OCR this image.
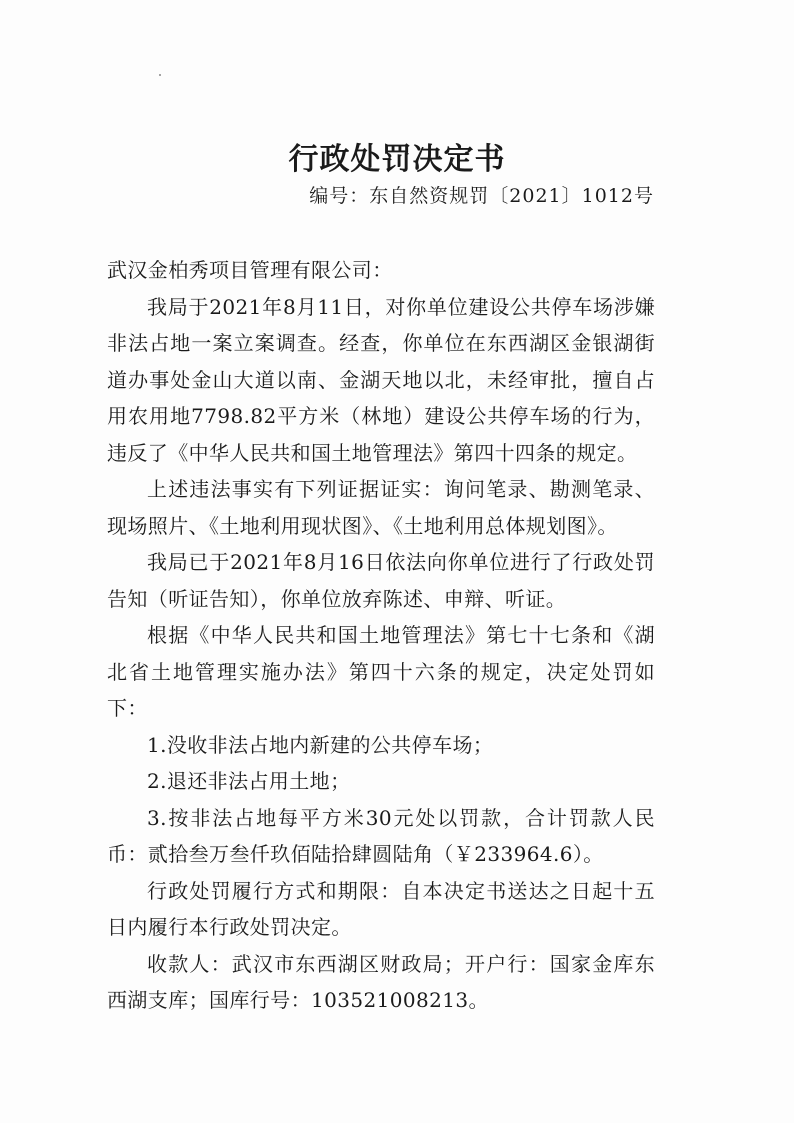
行政处罚决定书
编号：东自然资规罚〔2021〕1012号

武汉金柏秀项目管理有限公司：

我局于2021年8月11日，对你单位建设公共停车场涉嫌非法占地一案立案调查。经查，你单位在东西湖区金银湖街道办事处金山大道以南、金湖天地以北，未经审批，擅自占用农用地7798.82平方米（林地）建设公共停车场的行为，违反了《中华人民共和国土地管理法》第四十四条的规定。

上述违法事实有下列证据证实：询问笔录、勘测笔录、现场照片、《土地利用现状图》、《土地利用总体规划图》。

我局已于2021年8月16日依法向你单位进行了行政处罚告知（听证告知），你单位放弃陈述、申辩、听证。

根据《中华人民共和国土地管理法》第七十七条和《湖北省土地管理实施办法》第四十六条的规定，决定处罚如下：

1.没收非法占地内新建的公共停车场；

2.退还非法占用土地；

3.按非法占地每平方米30元处以罚款，合计罚款人民币：贰拾叁万叁仟玖佰陆拾肆圆陆角（￥233964.6）。

行政处罚履行方式和期限：自本决定书送达之日起十五日内履行本行政处罚决定。

收款人：武汉市东西湖区财政局；开户行：国家金库东西湖支库；国库行号：103521008213。
